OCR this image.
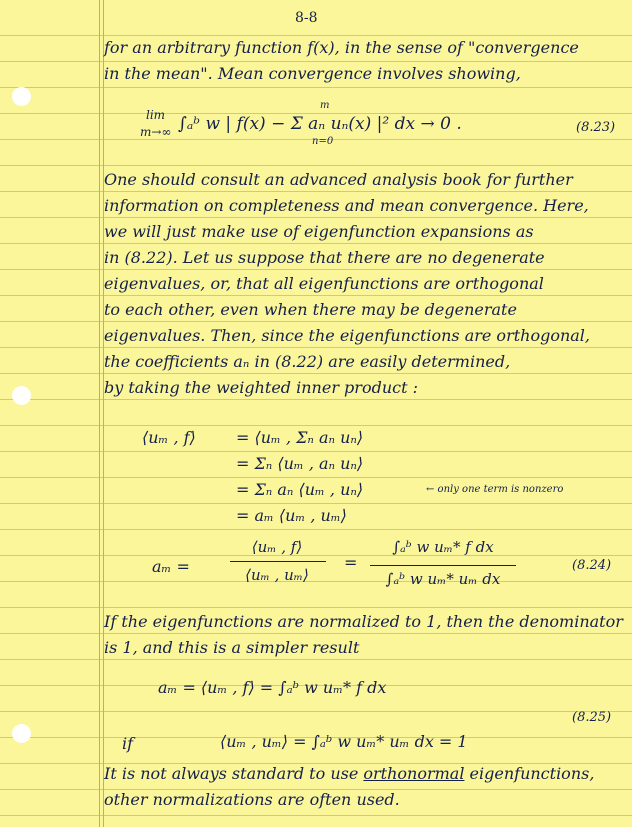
8-8
for an arbitrary function f(x), in the sense of "convergence
in the mean". Mean convergence involves showing,
lim
m→∞
m
n=0
∫ₐᵇ w | f(x) − Σ aₙ uₙ(x) |² dx → 0 .	(8.23)
One should consult an advanced analysis book for further
information on completeness and mean convergence. Here,
we will just make use of eigenfunction expansions as
in (8.22). Let us suppose that there are no degenerate
eigenvalues, or, that all eigenfunctions are orthogonal
to each other, even when there may be degenerate
eigenvalues. Then, since the eigenfunctions are orthogonal,
the coefficients aₙ in (8.22) are easily determined,
by taking the weighted inner product :
⟨uₘ , f⟩	= ⟨uₘ , Σₙ aₙ uₙ⟩
= Σₙ ⟨uₘ , aₙ uₙ⟩
= Σₙ aₙ ⟨uₘ , uₙ⟩	← only one term is nonzero
= aₘ ⟨uₘ , uₘ⟩
aₘ =
⟨uₘ , f⟩
⟨uₘ , uₘ⟩
=
∫ₐᵇ w uₘ* f dx
∫ₐᵇ w uₘ* uₘ dx
(8.24)
If the eigenfunctions are normalized to 1, then the denominator
is 1, and this is a simpler result
aₘ = ⟨uₘ , f⟩ = ∫ₐᵇ w uₘ* f dx
(8.25)
if	⟨uₘ , uₘ⟩ = ∫ₐᵇ w uₘ* uₘ dx = 1
It is not always standard to use orthonormal eigenfunctions,
other normalizations are often used.
